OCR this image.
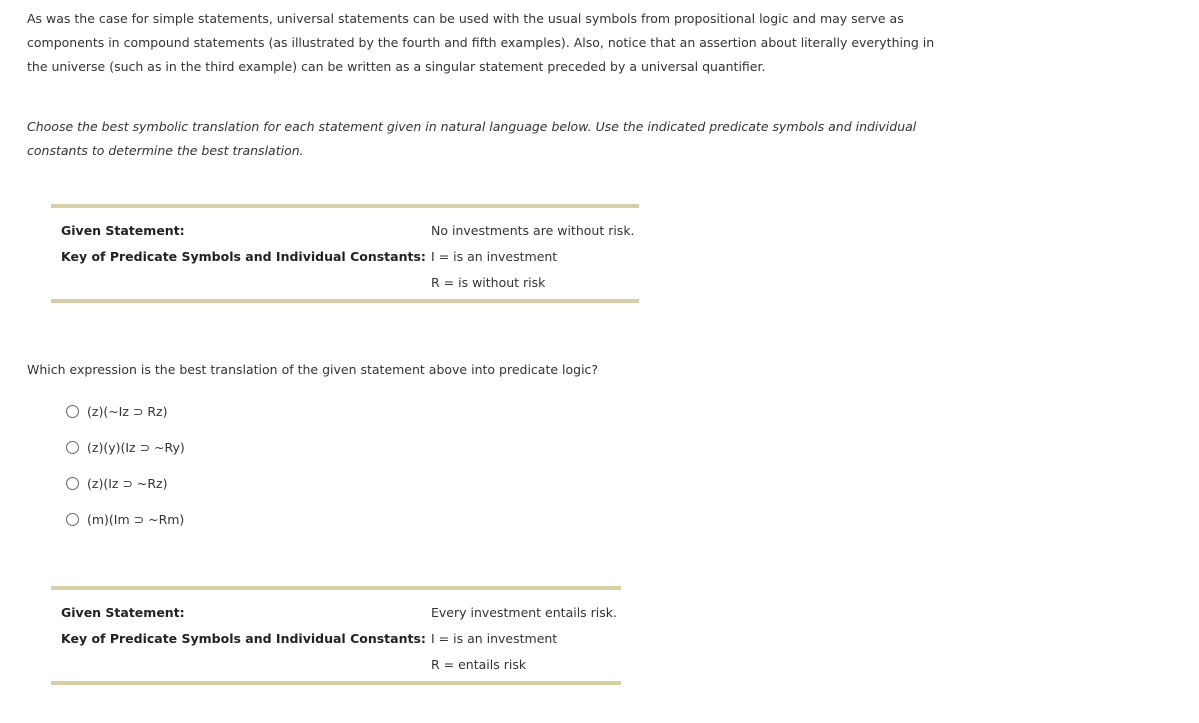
As was the case for simple statements, universal statements can be used with the usual symbols from propositional logic and may serve as components in compound statements (as illustrated by the fourth and fifth examples). Also, notice that an assertion about literally everything in the universe (such as in the third example) can be written as a singular statement preceded by a universal quantifier.

Choose the best symbolic translation for each statement given in natural language below. Use the indicated predicate symbols and individual constants to determine the best translation.

Given Statement:	No investments are without risk.
Key of Predicate Symbols and Individual Constants: I = is an investment
R = is without risk

Which expression is the best translation of the given statement above into predicate logic?

(z)(~Iz ⊃ Rz)
(z)(y)(Iz ⊃ ~Ry)
(z)(Iz ⊃ ~Rz)
(m)(Im ⊃ ~Rm)
Given Statement:	Every investment entails risk.
Key of Predicate Symbols and Individual Constants: I = is an investment
R = entails risk
